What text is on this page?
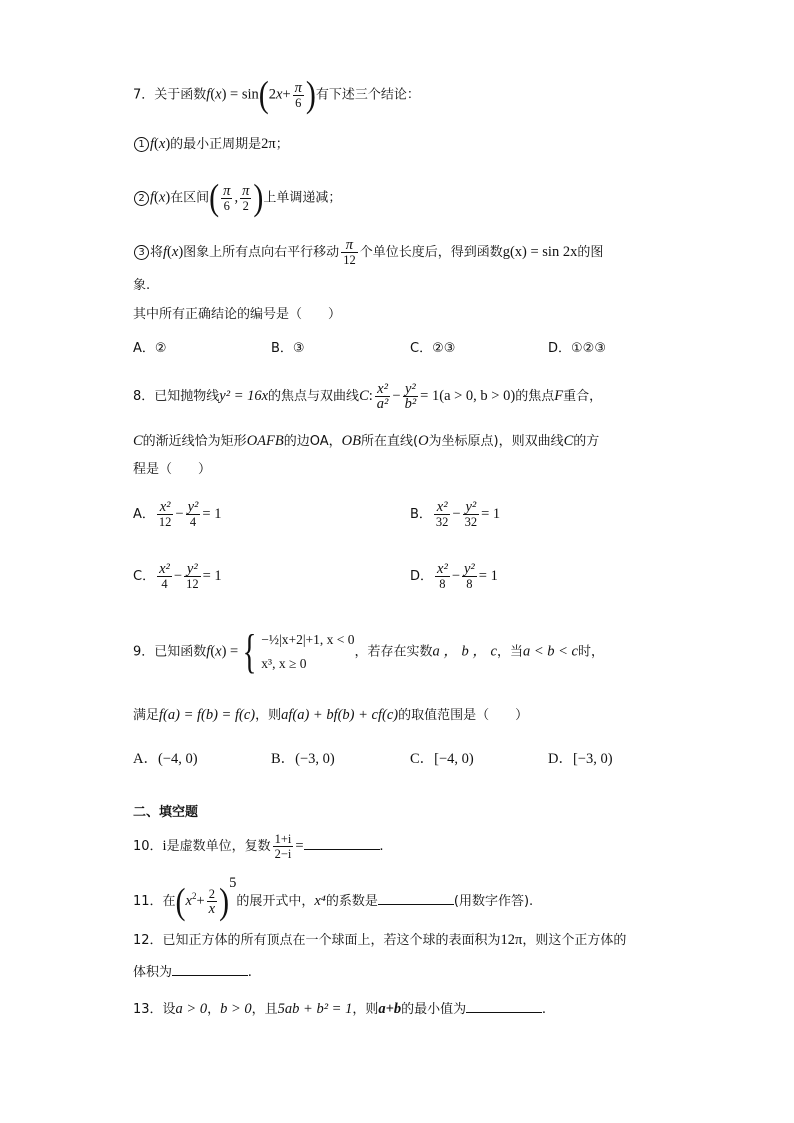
7．关于函数$f(x) = \sin(2x+ \frac{\pi}{6}$ )有下述三个结论：
1 f(x)的最小正周期是2π；
2 f(x)在区间( $\frac{\pi}{6}$ , $\frac{\pi}{2}$ )上单调递减；
3 将f(x)图象上所有点向右平行移动 $\frac{\pi}{12}$ 个单位长度后，得到函数g(x) = sin 2x的图
象.
其中所有正确结论的编号是（　　）
A．②	B．③	C．②③	D．①②③
8．已知抛物线y² = 16x的焦点与双曲线C: $\frac{\text{x²}}{\text{a²}} - \frac{\text{y²}}{\text{b²}} = 1(a > 0$, b > 0)的焦点F重合，
C的渐近线恰为矩形OAFB的边OA，OB所在直线(O为坐标原点)，则双曲线C的方
程是（　　）
A． $\frac{\text{x²}}{12} - \frac{\text{y²}}{4} = 1$	B． $\frac{\text{x²}}{32} - \frac{\text{y²}}{32} = 1$
C． $\frac{\text{x²}}{4} - \frac{\text{y²}}{12} = 1$	D． $\frac{\text{x²}}{8} - \frac{\text{y²}}{8} = 1$
9．已知函数f(x) ={ −½|x+2|+1, x < 0
x³, x ≥ 0
，若存在实数a ， b ， c，当a < b < c时，
满足f(a) = f(b) = f(c)，则af(a) + bf(b) + cf(c)的取值范围是（　　）
A．(−4, 0)	B．(−3, 0)	C．[−4, 0)	D．[−3, 0)
二、填空题
10．i是虚数单位，复数 $\frac{1+i}{2-i}$ =	.
11．在$(x^2+ \frac{2}{x} )^5$的展开式中，x⁴的系数是	(用数字作答).
12．已知正方体的所有顶点在一个球面上，若这个球的表面积为12π，则这个正方体的
体积为	.
13．设a > 0，b > 0，且5ab + b² = 1，则a+b的最小值为	.
